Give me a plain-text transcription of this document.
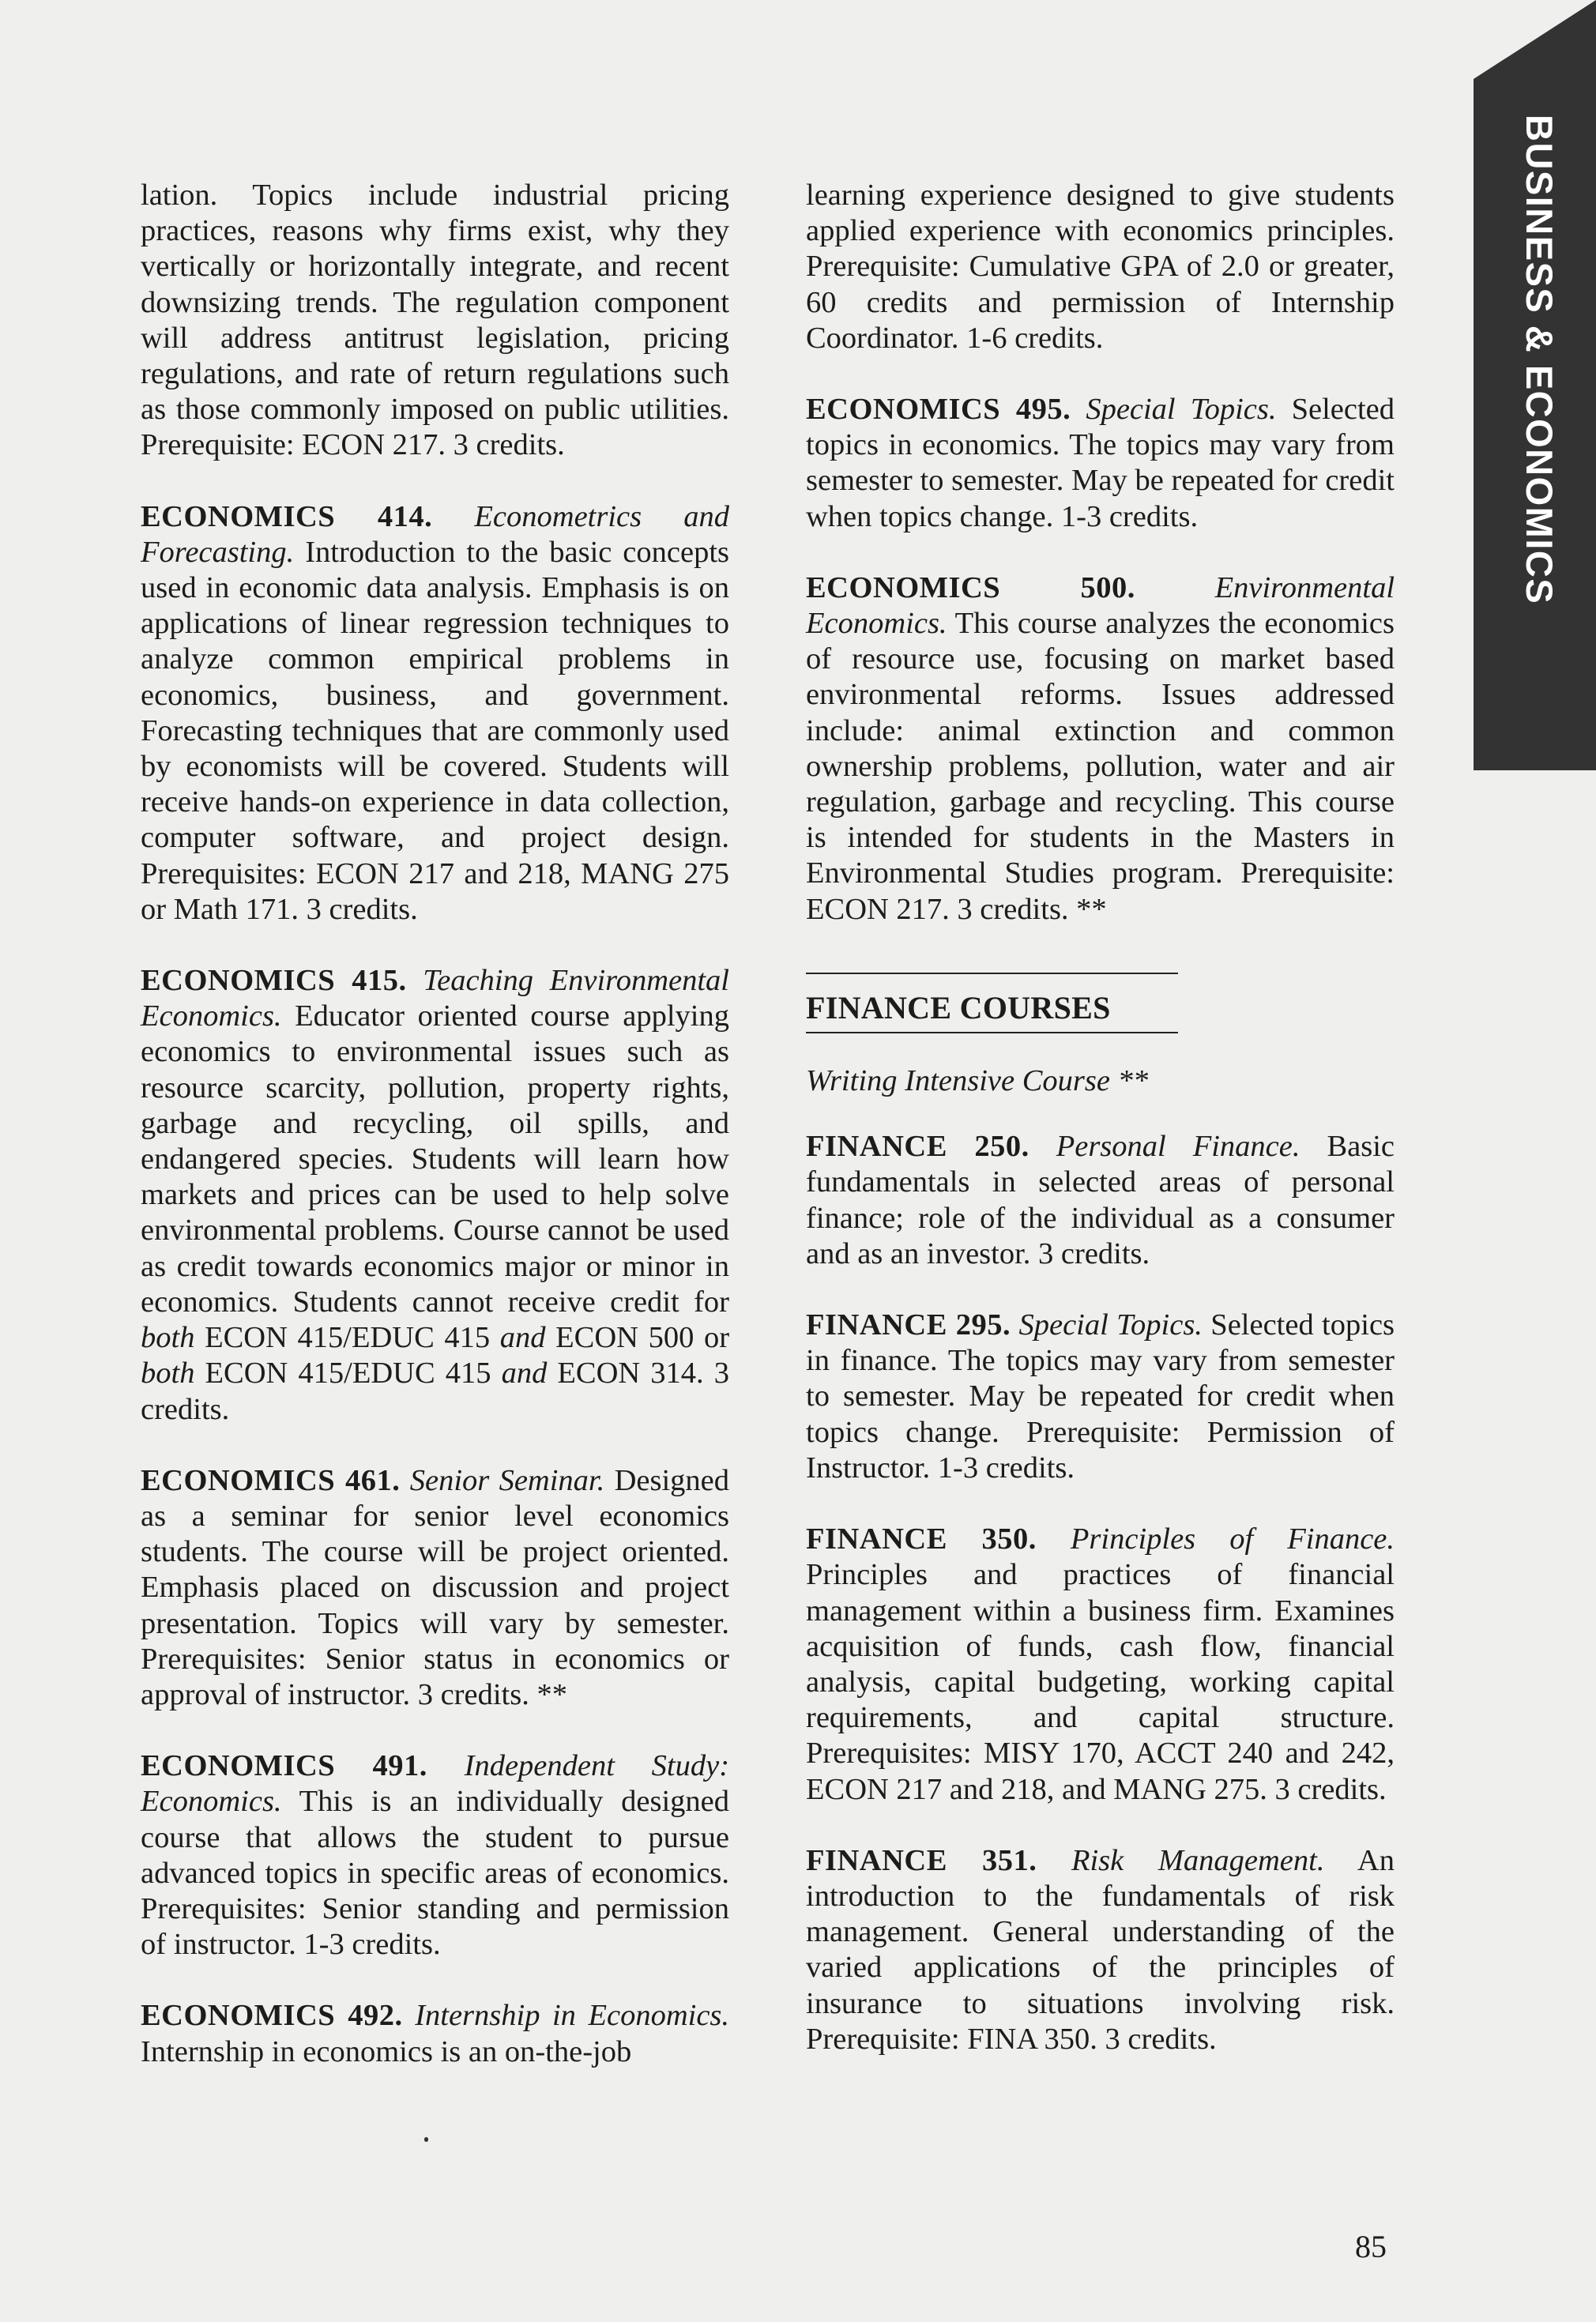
BUSINESS & ECONOMICS

lation. Topics include industrial pricing practices, reasons why firms exist, why they vertically or horizontally integrate, and recent downsizing trends. The regulation component will address antitrust legislation, pricing regulations, and rate of return regulations such as those commonly imposed on public utilities. Prerequisite: ECON 217. 3 credits.

ECONOMICS 414. Econometrics and Forecasting. Introduction to the basic concepts used in economic data analysis. Emphasis is on applications of linear regression techniques to analyze common empirical problems in economics, business, and government. Forecasting techniques that are commonly used by economists will be covered. Students will receive hands-on experience in data collection, computer software, and project design. Prerequisites: ECON 217 and 218, MANG 275 or Math 171. 3 credits.

ECONOMICS 415. Teaching Environmental Economics. Educator oriented course applying economics to environmental issues such as resource scarcity, pollution, property rights, garbage and recycling, oil spills, and endangered species. Students will learn how markets and prices can be used to help solve environmental problems. Course cannot be used as credit towards economics major or minor in economics. Students cannot receive credit for both ECON 415/EDUC 415 and ECON 500 or both ECON 415/EDUC 415 and ECON 314. 3 credits.

ECONOMICS 461. Senior Seminar. Designed as a seminar for senior level economics students. The course will be project oriented. Emphasis placed on discussion and project presentation. Topics will vary by semester. Prerequisites: Senior status in economics or approval of instructor. 3 credits. **

ECONOMICS 491. Independent Study: Economics. This is an individually designed course that allows the student to pursue advanced topics in specific areas of economics. Prerequisites: Senior standing and permission of instructor. 1-3 credits.

ECONOMICS 492. Internship in Economics. Internship in economics is an on-the-job

learning experience designed to give students applied experience with economics principles. Prerequisite: Cumulative GPA of 2.0 or greater, 60 credits and permission of Internship Coordinator. 1-6 credits.

ECONOMICS 495. Special Topics. Selected topics in economics. The topics may vary from semester to semester. May be repeated for credit when topics change. 1-3 credits.

ECONOMICS 500.	Environmental Economics. This course analyzes the economics of resource use, focusing on market based environmental reforms. Issues addressed include: animal extinction and common ownership problems, pollution, water and air regulation, garbage and recycling. This course is intended for students in the Masters in Environmental Studies program. Prerequisite: ECON 217. 3 credits. **

FINANCE COURSES

Writing Intensive Course **

FINANCE 250. Personal Finance. Basic fundamentals in selected areas of personal finance; role of the individual as a consumer and as an investor. 3 credits.

FINANCE 295. Special Topics. Selected topics in finance. The topics may vary from semester to semester. May be repeated for credit when topics change. Prerequisite: Permission of Instructor. 1-3 credits.

FINANCE 350. Principles of Finance. Principles and practices of financial management within a business firm. Examines acquisition of funds, cash flow, financial analysis, capital budgeting, working capital requirements, and capital structure. Prerequisites: MISY 170, ACCT 240 and 242, ECON 217 and 218, and MANG 275. 3 credits.

FINANCE 351. Risk Management. An introduction to the fundamentals of risk management. General understanding of the varied applications of the principles of insurance to situations involving risk. Prerequisite: FINA 350. 3 credits.

85
